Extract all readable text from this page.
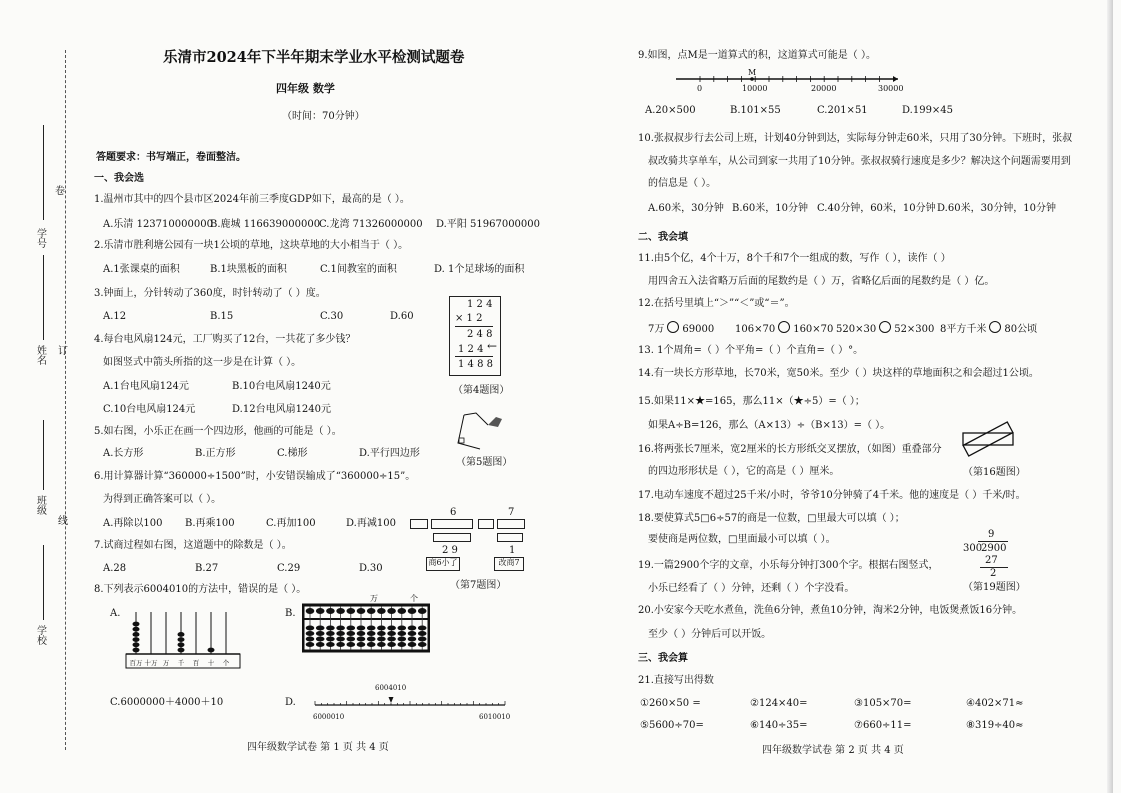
卷
学号
订
姓名
线
班级
学校
乐清市2024年下半年期末学业水平检测试题卷
四年级 数学
（时间：70分钟）
答题要求：书写端正，卷面整洁。
一、我会选
1.温州市其中的四个县市区2024年前三季度GDP如下，最高的是（ ）。
A.乐清 123710000000
B.鹿城 116639000000
C.龙湾 71326000000 D.平阳 51967000000
2.乐清市胜利塘公园有一块1公顷的草地，这块草地的大小相当于（ ）。
A.1张课桌的面积	B.1块黑板的面积	C.1间教室的面积	D. 1个足球场的面积
3.钟面上，分针转动了360度，时针转动了（ ）度。
A.12	B.15	C.30	D.60
1 2 4
× 1 2
2 4 8
1 2 4 ←
1 4 8 8
（第4题图）
4.每台电风扇124元，工厂购买了12台，一共花了多少钱？
如图竖式中箭头所指的这一步是在计算（ ）。
A.1台电风扇124元	B.10台电风扇1240元
C.10台电风扇124元	D.12台电风扇1240元
（第5题图）
5.如右图，小乐正在画一个四边形，他画的可能是（ ）。
A.长方形	B.正方形	C.梯形	D.平行四边形
6.用计算器计算“360000÷1500”时，小安错误输成了“360000÷15”。
为得到正确答案可以（ ）。
A.再除以100 B.再乘100	C.再加100	D.再减100
6	7
2 9	1
商6小了	改商7
（第7题图）
7.试商过程如右图，这道题中的除数是（ ）。
A.28	B.27	C.29	D.30
8.下列表示6004010的方法中，错误的是（ ）。
A.
百万 十万 万 千 百 十 个
B.
万	个
C.6000000＋4000＋10	D.
6004010
6000010	6010010
四年级数学试卷 第 1 页 共 4 页
9.如图，点M是一道算式的积，这道算式可能是（ ）。
M
0	10000	20000	30000
A.20×500	B.101×55	C.201×51	D.199×45
10.张叔叔步行去公司上班，计划40分钟到达，实际每分钟走60米，只用了30分钟。下班时，张叔
叔改骑共享单车，从公司到家一共用了10分钟。张叔叔骑行速度是多少？解决这个问题需要用到
的信息是（ ）。
A.60米，30分钟 B.60米，10分钟 C.40分钟，60米，10分钟 D.60米，30分钟，10分钟
二、我会填
11.由5个亿，4个十万，8个千和7个一组成的数，写作（ ），读作（ ）
用四舍五入法省略万后面的尾数约是（ ）万，省略亿后面的尾数约是（ ）亿。
12.在括号里填上“＞”“＜”或“＝”。
7万 69000 106×70 160×70 520×30 52×300 8平方千米 80公顷
13. 1个周角=（ ）个平角=（ ）个直角=（ ）°。
14.有一块长方形草地，长70米，宽50米。至少（ ）块这样的草地面积之和会超过1公顷。
15.如果11×★=165，那么11×（★÷5）=（ ）；
如果A÷B=126，那么（A×13）÷（B×13）=（ ）。
16.将两张长7厘米，宽2厘米的长方形纸交叉摆放，（如图）重叠部分
的四边形形状是（ ），它的高是（ ）厘米。	（第16题图）
17.电动车速度不超过25千米/小时，爷爷10分钟骑了4千米。他的速度是（ ）千米/时。
18.要使算式5□6÷57的商是一位数，□里最大可以填（ ）；
要使商是两位数，□里面最小可以填（ ）。	9
300
2900
27
2
（第19题图）
19.一篇2900个字的文章，小乐每分钟打300个字。根据右图竖式，
小乐已经看了（ ）分钟，还剩（ ）个字没看。
20.小安家今天吃水煮鱼，洗鱼6分钟，煮鱼10分钟，淘米2分钟，电饭煲煮饭16分钟。
至少（ ）分钟后可以开饭。
三、我会算
21.直接写出得数
①260×50 =	②124×40=	③105×70=	④402×71≈
⑤5600÷70=	⑥140÷35=	⑦660÷11=	⑧319÷40≈
四年级数学试卷 第 2 页 共 4 页
